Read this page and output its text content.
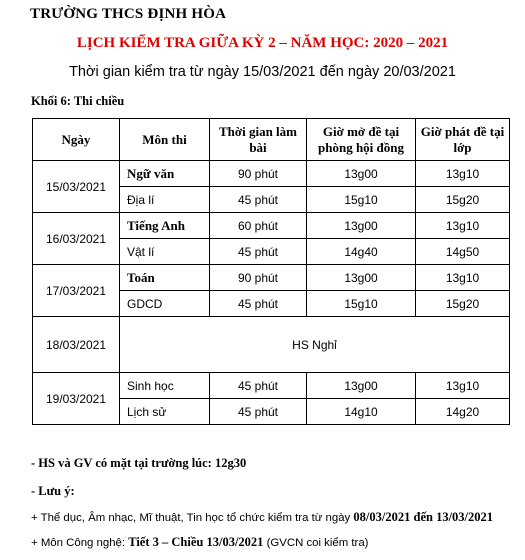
TRƯỜNG THCS ĐỊNH HÒA
LỊCH KIỂM TRA GIỮA KỲ 2 – NĂM HỌC: 2020 – 2021
Thời gian kiểm tra từ ngày 15/03/2021 đến ngày 20/03/2021
Khối 6: Thi chiều
Ngày	Môn thi	Thời gian làm bài	Giờ mở đề tại phòng hội đồng	Giờ phát đề tại lớp
15/03/2021	Ngữ văn	90 phút	13g00	13g10
	Địa lí	45 phút	15g10	15g20
16/03/2021	Tiếng Anh	60 phút	13g00	13g10
	Vật lí	45 phút	14g40	14g50
17/03/2021	Toán	90 phút	13g00	13g10
	GDCD	45 phút	15g10	15g20
18/03/2021	HS Nghỉ			
19/03/2021	Sinh học	45 phút	13g00	13g10
	Lịch sử	45 phút	14g10	14g20
- HS và GV có mặt tại trường lúc: 12g30
- Lưu ý:
+ Thể dục, Âm nhạc, Mĩ thuật, Tin học tổ chức kiểm tra từ ngày 08/03/2021 đến 13/03/2021
+ Môn Công nghệ: Tiết 3 – Chiều 13/03/2021 (GVCN coi kiểm tra)
